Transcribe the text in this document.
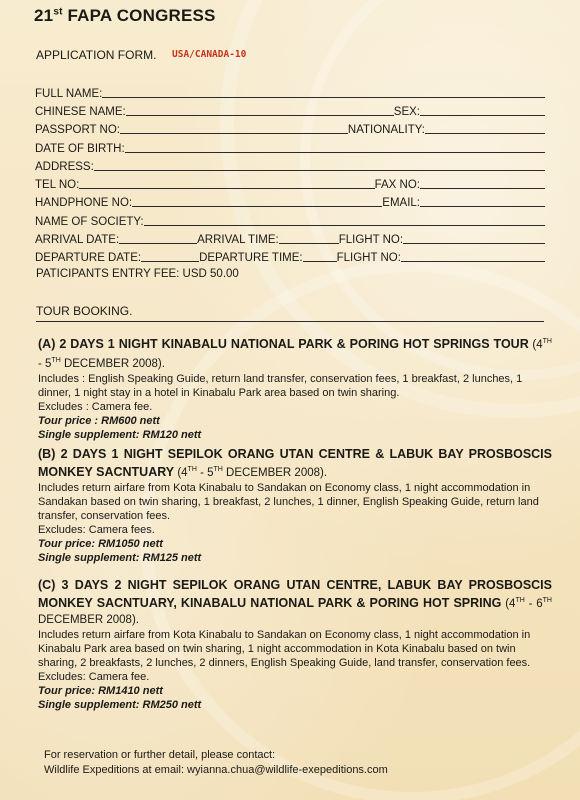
21st FAPA CONGRESS
APPLICATION FORM. USA/CANADA-10
FULL NAME:
CHINESE NAME:	SEX:
PASSPORT NO:	NATIONALITY:
DATE OF BIRTH:
ADDRESS:
TEL NO:	FAX NO:
HANDPHONE NO:	EMAIL:
NAME OF SOCIETY:
ARRIVAL DATE:	ARRIVAL TIME:	FLIGHT NO:
DEPARTURE DATE:	DEPARTURE TIME:	FLIGHT NO:
PATICIPANTS ENTRY FEE: USD 50.00
TOUR BOOKING.
(A) 2 DAYS 1 NIGHT KINABALU NATIONAL PARK & PORING HOT SPRINGS TOUR (4TH - 5TH DECEMBER 2008).

Includes : English Speaking Guide, return land transfer, conservation fees, 1 breakfast, 2 lunches, 1 dinner, 1 night stay in a hotel in Kinabalu Park area based on twin sharing.

Excludes : Camera fee.

Tour price : RM600 nett

Single supplement: RM120 nett

(B) 2 DAYS 1 NIGHT SEPILOK ORANG UTAN CENTRE & LABUK BAY PROSBOSCIS MONKEY SACNTUARY (4TH - 5TH DECEMBER 2008).

Includes return airfare from Kota Kinabalu to Sandakan on Economy class, 1 night accommodation in Sandakan based on twin sharing, 1 breakfast, 2 lunches, 1 dinner, English Speaking Guide, return land transfer, conservation fees.

Excludes: Camera fees.

Tour price: RM1050 nett

Single supplement: RM125 nett

(C) 3 DAYS 2 NIGHT SEPILOK ORANG UTAN CENTRE, LABUK BAY PROSBOSCIS MONKEY SACNTUARY, KINABALU NATIONAL PARK & PORING HOT SPRING (4TH - 6TH DECEMBER 2008).

Includes return airfare from Kota Kinabalu to Sandakan on Economy class, 1 night accommodation in Kinabalu Park area based on twin sharing, 1 night accommodation in Kota Kinabalu based on twin sharing, 2 breakfasts, 2 lunches, 2 dinners, English Speaking Guide, land transfer, conservation fees.

Excludes: Camera fee.

Tour price: RM1410 nett

Single supplement: RM250 nett

For reservation or further detail, please contact:
Wildlife Expeditions at email: wyianna.chua@wildlife-exepeditions.com
